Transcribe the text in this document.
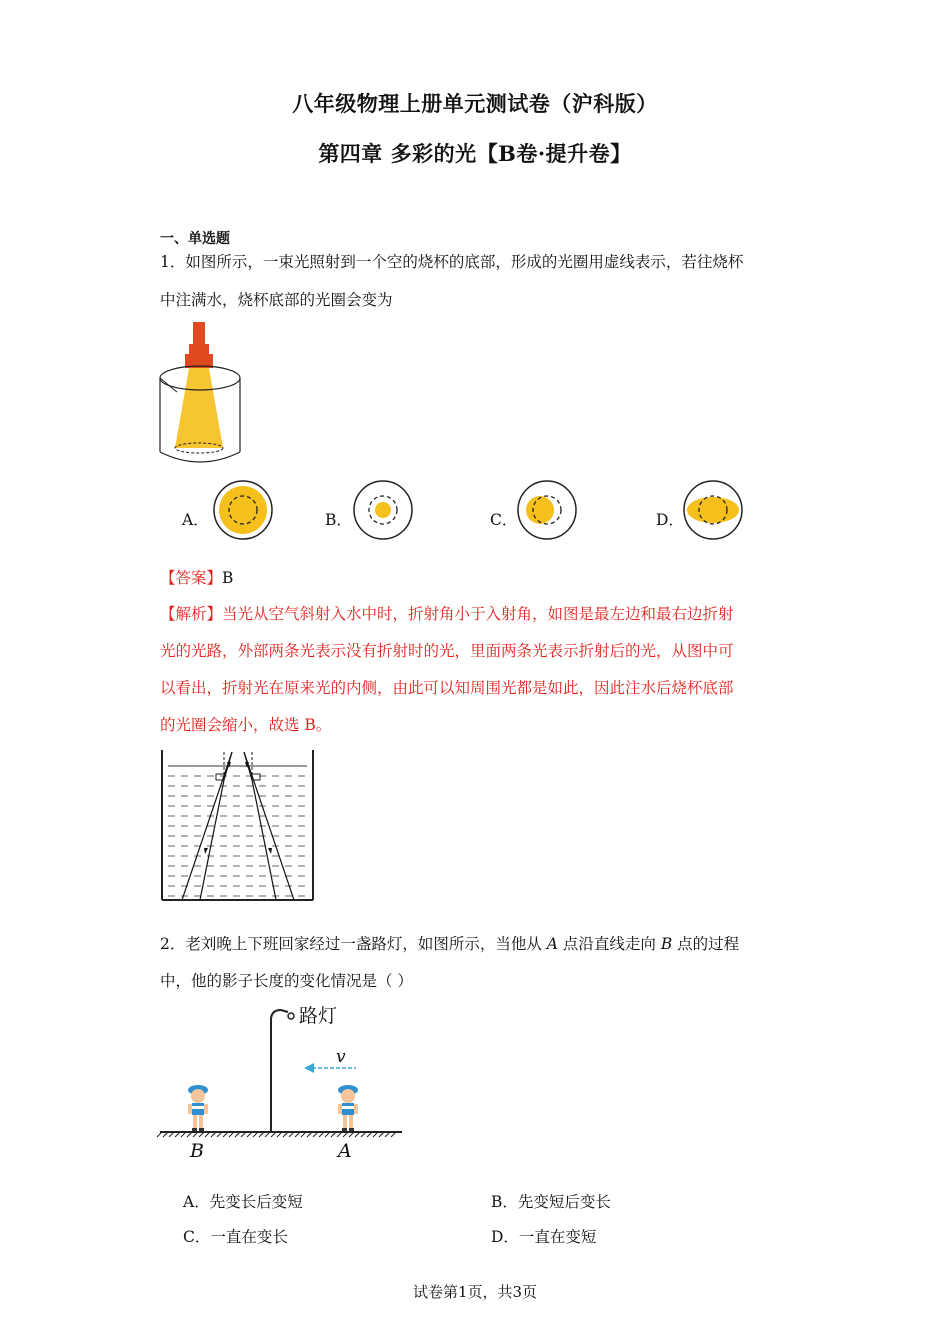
八年级物理上册单元测试卷（沪科版）
第四章 多彩的光【B卷·提升卷】
一、单选题
1．如图所示，一束光照射到一个空的烧杯的底部，形成的光圈用虚线表示，若往烧杯
中注满水，烧杯底部的光圈会变为
A．	B．	C．	D．
【答案】B
【解析】当光从空气斜射入水中时，折射角小于入射角，如图是最左边和最右边折射
光的光路，外部两条光表示没有折射时的光，里面两条光表示折射后的光，从图中可
以看出，折射光在原来光的内侧，由此可以知周围光都是如此，因此注水后烧杯底部
的光圈会缩小，故选 B。
2．老刘晚上下班回家经过一盏路灯，如图所示，当他从 A 点沿直线走向 B 点的过程
中，他的影子长度的变化情况是（ ）
路灯
v
B	A
A．先变长后变短	B．先变短后变长
C．一直在变长	D．一直在变短
试卷第1页，共3页
